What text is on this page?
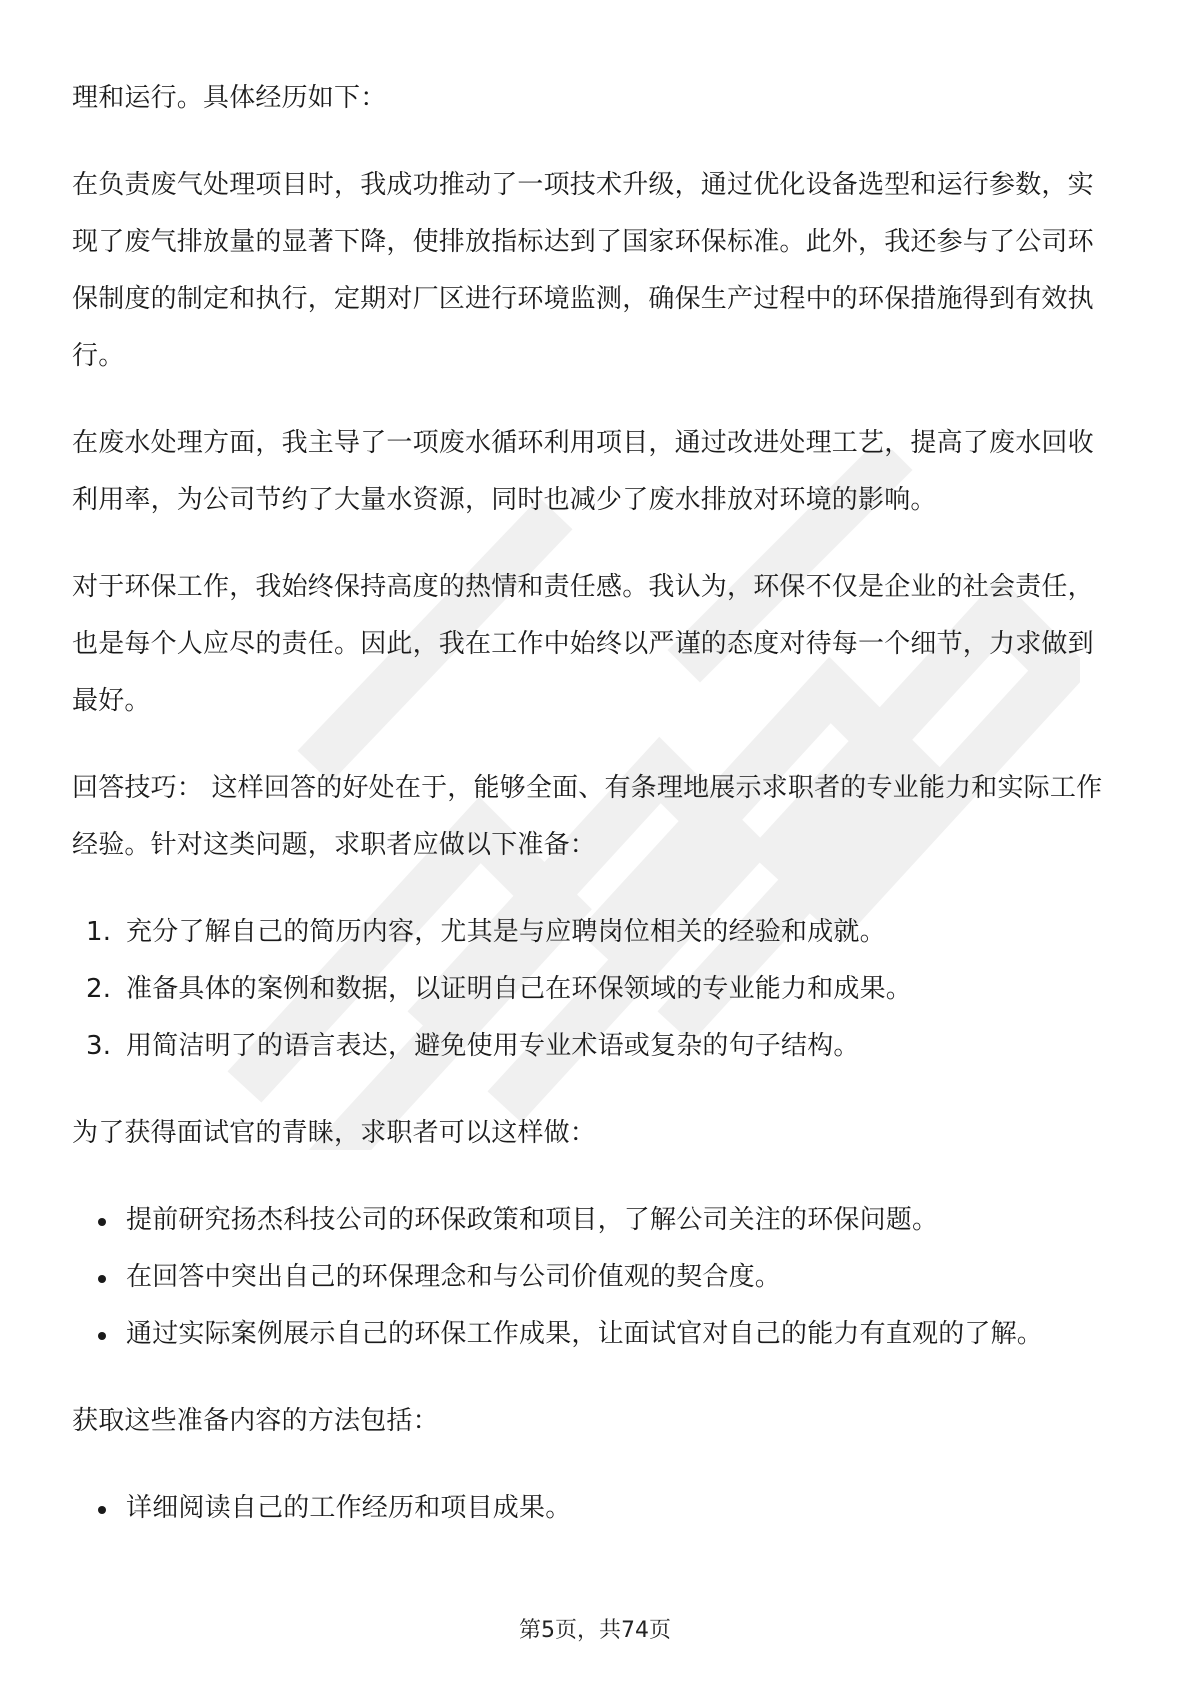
理和运行。具体经历如下：

在负责废气处理项目时，我成功推动了一项技术升级，通过优化设备选型和运行参数，实现了废气排放量的显著下降，使排放指标达到了国家环保标准。此外，我还参与了公司环保制度的制定和执行，定期对厂区进行环境监测，确保生产过程中的环保措施得到有效执行。

在废水处理方面，我主导了一项废水循环利用项目，通过改进处理工艺，提高了废水回收利用率，为公司节约了大量水资源，同时也减少了废水排放对环境的影响。

对于环保工作，我始终保持高度的热情和责任感。我认为，环保不仅是企业的社会责任，也是每个人应尽的责任。因此，我在工作中始终以严谨的态度对待每一个细节，力求做到最好。

回答技巧： 这样回答的好处在于，能够全面、有条理地展示求职者的专业能力和实际工作经验。针对这类问题，求职者应做以下准备：

1. 充分了解自己的简历内容，尤其是与应聘岗位相关的经验和成就。
2. 准备具体的案例和数据，以证明自己在环保领域的专业能力和成果。
3. 用简洁明了的语言表达，避免使用专业术语或复杂的句子结构。

为了获得面试官的青睐，求职者可以这样做：

提前研究扬杰科技公司的环保政策和项目，了解公司关注的环保问题。
在回答中突出自己的环保理念和与公司价值观的契合度。
通过实际案例展示自己的环保工作成果，让面试官对自己的能力有直观的了解。

获取这些准备内容的方法包括：

详细阅读自己的工作经历和项目成果。
第5页，共74页
